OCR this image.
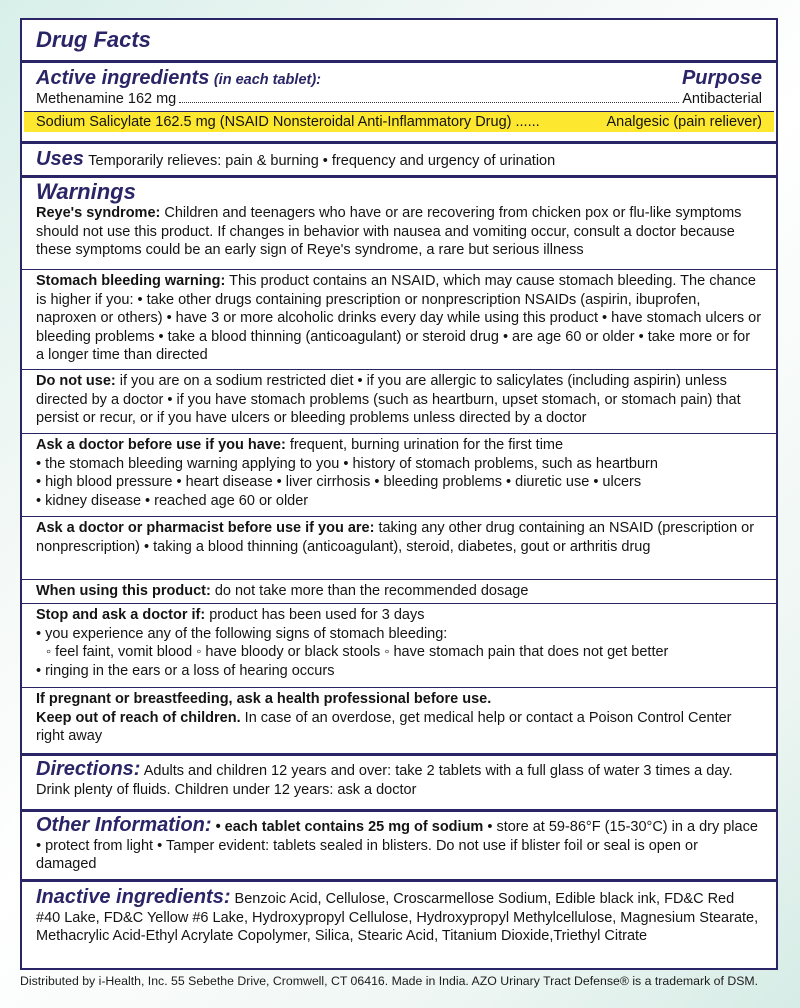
Drug Facts
Active ingredients (in each tablet):	Purpose
Methenamine 162 mg	Antibacterial
Sodium Salicylate 162.5 mg (NSAID Nonsteroidal Anti-Inflammatory Drug) ......	Analgesic (pain reliever)
Uses Temporarily relieves: pain & burning • frequency and urgency of urination
Warnings
Reye's syndrome: Children and teenagers who have or are recovering from chicken pox or flu-like symptoms should not use this product. If changes in behavior with nausea and vomiting occur, consult a doctor because these symptoms could be an early sign of Reye's syndrome, a rare but serious illness
Stomach bleeding warning: This product contains an NSAID, which may cause stomach bleeding. The chance is higher if you: • take other drugs containing prescription or nonprescription NSAIDs (aspirin, ibuprofen, naproxen or others) • have 3 or more alcoholic drinks every day while using this product • have stomach ulcers or bleeding problems • take a blood thinning (anticoagulant) or steroid drug • are age 60 or older • take more or for a longer time than directed
Do not use: if you are on a sodium restricted diet • if you are allergic to salicylates (including aspirin) unless directed by a doctor • if you have stomach problems (such as heartburn, upset stomach, or stomach pain) that persist or recur, or if you have ulcers or bleeding problems unless directed by a doctor
Ask a doctor before use if you have: frequent, burning urination for the first time
• the stomach bleeding warning applying to you • history of stomach problems, such as heartburn
• high blood pressure • heart disease • liver cirrhosis • bleeding problems • diuretic use • ulcers
• kidney disease • reached age 60 or older
Ask a doctor or pharmacist before use if you are: taking any other drug containing an NSAID (prescription or nonprescription) • taking a blood thinning (anticoagulant), steroid, diabetes, gout or arthritis drug
When using this product: do not take more than the recommended dosage
Stop and ask a doctor if: product has been used for 3 days
• you experience any of the following signs of stomach bleeding:
◦ feel faint, vomit blood ◦ have bloody or black stools ◦ have stomach pain that does not get better
• ringing in the ears or a loss of hearing occurs
If pregnant or breastfeeding, ask a health professional before use.
Keep out of reach of children. In case of an overdose, get medical help or contact a Poison Control Center right away
Directions: Adults and children 12 years and over: take 2 tablets with a full glass of water 3 times a day. Drink plenty of fluids. Children under 12 years: ask a doctor
Other Information: • each tablet contains 25 mg of sodium • store at 59-86°F (15-30°C) in a dry place • protect from light • Tamper evident: tablets sealed in blisters. Do not use if blister foil or seal is open or damaged
Inactive ingredients: Benzoic Acid, Cellulose, Croscarmellose Sodium, Edible black ink, FD&C Red #40 Lake, FD&C Yellow #6 Lake, Hydroxypropyl Cellulose, Hydroxypropyl Methylcellulose, Magnesium Stearate, Methacrylic Acid-Ethyl Acrylate Copolymer, Silica, Stearic Acid, Titanium Dioxide,Triethyl Citrate
Distributed by i-Health, Inc. 55 Sebethe Drive, Cromwell, CT 06416. Made in India. AZO Urinary Tract Defense® is a trademark of DSM.
